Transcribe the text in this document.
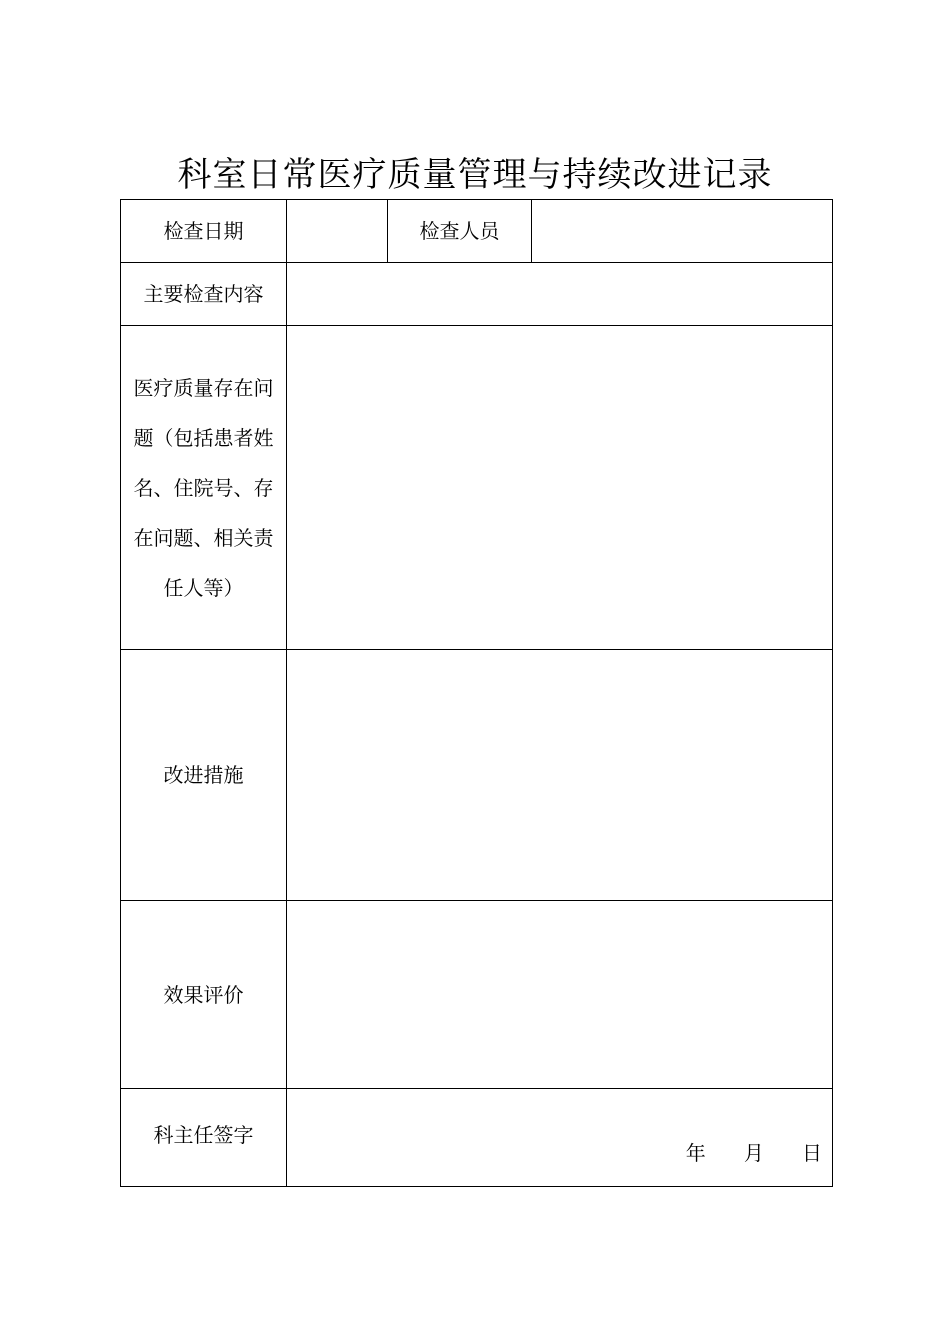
科室日常医疗质量管理与持续改进记录
检查日期		检查人员	
主要检查内容			
医疗质量存在问题（包括患者姓名、住院号、存在问题、相关责任人等）			
改进措施			
效果评价			
科主任签字	年 月 日		
